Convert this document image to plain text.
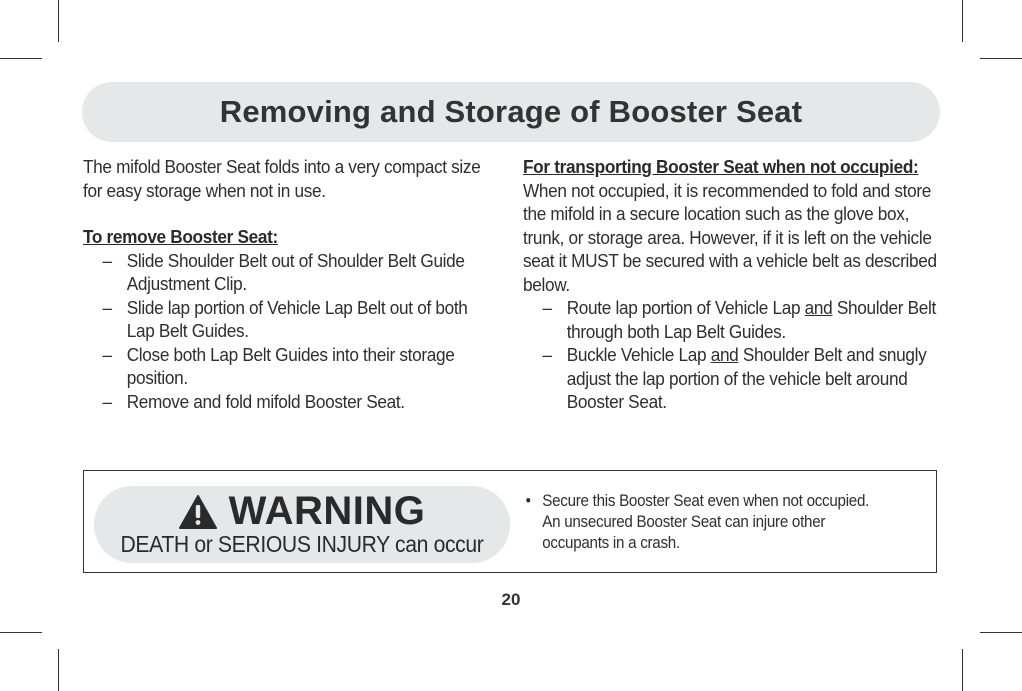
Removing and Storage of Booster Seat

The mifold Booster Seat folds into a very compact size for easy storage when not in use.

To remove Booster Seat:

– Slide Shoulder Belt out of Shoulder Belt Guide Adjustment Clip.
– Slide lap portion of Vehicle Lap Belt out of both Lap Belt Guides.
– Close both Lap Belt Guides into their storage position.
– Remove and fold mifold Booster Seat.

For transporting Booster Seat when not occupied:

When not occupied, it is recommended to fold and store the mifold in a secure location such as the glove box, trunk, or storage area. However, if it is left on the vehicle seat it MUST be secured with a vehicle belt as described below.

– Route lap portion of Vehicle Lap and Shoulder Belt through both Lap Belt Guides.
– Buckle Vehicle Lap and Shoulder Belt and snugly adjust the lap portion of the vehicle belt around Booster Seat.
WARNING
DEATH or SERIOUS INJURY can occur
• Secure this Booster Seat even when not occupied.
An unsecured Booster Seat can injure other occupants in a crash.
20
